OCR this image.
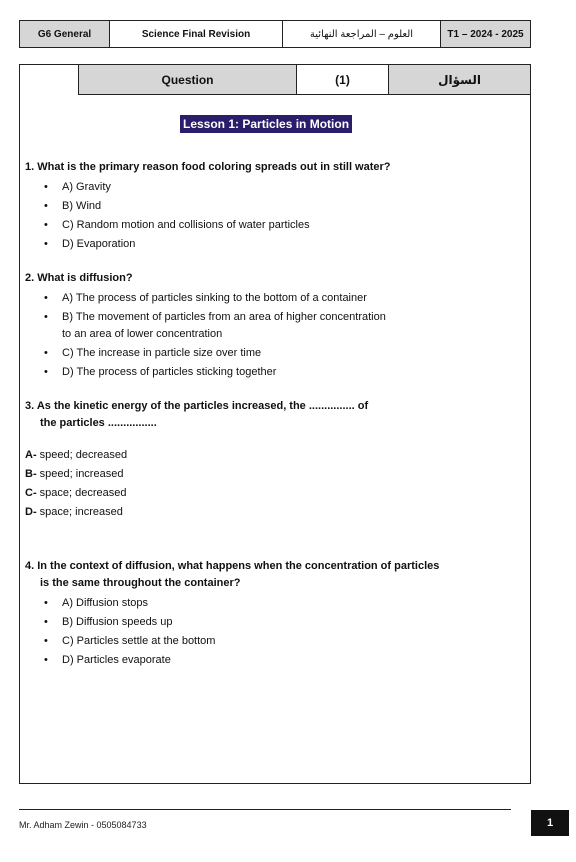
G6 General	Science Final Revision	العلوم – المراجعة النهائية	T1 – 2024 - 2025
Question	(1)	السؤال
Lesson 1: Particles in Motion

1. What is the primary reason food coloring spreads out in still water?

• A) Gravity
• B) Wind
• C) Random motion and collisions of water particles
• D) Evaporation

2. What is diffusion?

• A) The process of particles sinking to the bottom of a container
• B) The movement of particles from an area of higher concentration
to an area of lower concentration
• C) The increase in particle size over time
• D) The process of particles sticking together

3. As the kinetic energy of the particles increased, the ............... of
the particles ................

A- speed; decreased
B- speed; increased
C- space; decreased
D- space; increased

4. In the context of diffusion, what happens when the concentration of particles
is the same throughout the container?

• A) Diffusion stops
• B) Diffusion speeds up
• C) Particles settle at the bottom
• D) Particles evaporate
Mr. Adham Zewin - 0505084733	1
